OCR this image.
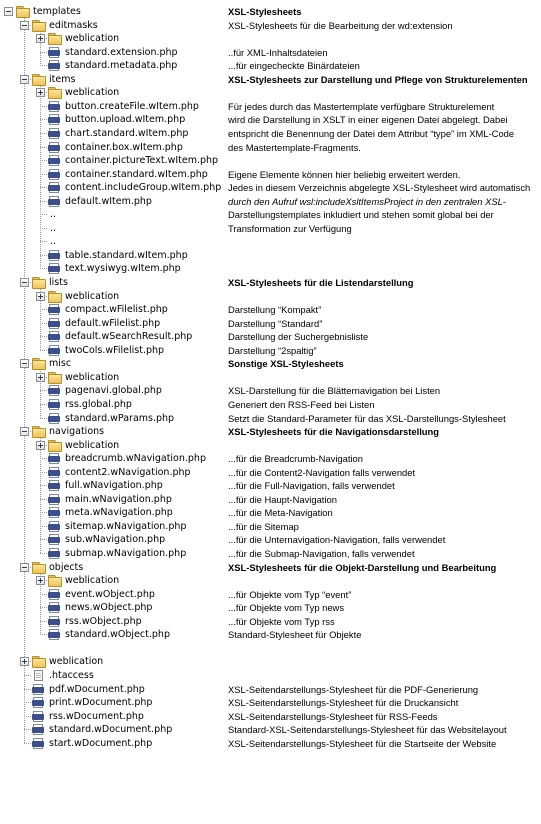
templates	XSL-Stylesheets
editmasks	XSL-Stylesheets für die Bearbeitung der wd:extension
weblication
standard.extension.php	..für XML-Inhaltsdateien
standard.metadata.php	...für eingecheckte Binärdateien
items	XSL-Stylesheets zur Darstellung und Pflege von Strukturelementen
weblication
button.createFile.wItem.php	Für jedes durch das Mastertemplate verfügbare Strukturelement
button.upload.wItem.php	wird die Darstellung in XSLT in einer eigenen Datei abgelegt. Dabei
chart.standard.wItem.php	entspricht die Benennung der Datei dem Attribut “type” im XML-Code
container.box.wItem.php	des Mastertemplate-Fragments.
container.pictureText.wItem.php
container.standard.wItem.php Eigene Elemente können hier beliebig erweitert werden.
content.includeGroup.wItem.php Jedes in diesem Verzeichnis abgelegte XSL-Stylesheet wird automatisch
default.wItem.php	durch den Aufruf wsl:includeXsltItemsProject in den zentralen XSL-
..	Darstellungstemplates inkludiert und stehen somit global bei der
..	Transformation zur Verfügung
..
table.standard.wItem.php
text.wysiwyg.wItem.php
lists	XSL-Stylesheets für die Listendarstellung
weblication
compact.wFilelist.php	Darstellung “Kompakt”
default.wFilelist.php	Darstellung “Standard”
default.wSearchResult.php	Darstellung der Suchergebnisliste
twoCols.wFilelist.php	Darstellung “2spaltig”
misc	Sonstige XSL-Stylesheets
weblication
pagenavi.global.php	XSL-Darstellung für die Blätternavigation bei Listen
rss.global.php	Generiert den RSS-Feed bei Listen
standard.wParams.php	Setzt die Standard-Parameter für das XSL-Darstellungs-Stylesheet
navigations	XSL-Stylesheets für die Navigationsdarstellung
weblication
breadcrumb.wNavigation.php ...für die Breadcrumb-Navigation
content2.wNavigation.php	...für die Content2-Navigation falls verwendet
full.wNavigation.php	...für die Full-Navigation, falls verwendet
main.wNavigation.php	...für die Haupt-Navigation
meta.wNavigation.php	...für die Meta-Navigation
sitemap.wNavigation.php	...für die Sitemap
sub.wNavigation.php	...für die Unternavigation-Navigation, falls verwendet
submap.wNavigation.php	...für die Submap-Navigation, falls verwendet
objects	XSL-Stylesheets für die Objekt-Darstellung und Bearbeitung
weblication
event.wObject.php	...für Objekte vom Typ “event”
news.wObject.php	...für Objekte vom Typ news
rss.wObject.php	...für Objekte vom Typ rss
standard.wObject.php	Standard-Stylesheet für Objekte
weblication
.htaccess
pdf.wDocument.php	XSL-Seitendarstellungs-Stylesheet für die PDF-Generierung
print.wDocument.php	XSL-Seitendarstellungs-Stylesheet für die Druckansicht
rss.wDocument.php	XSL-Seitendarstellungs-Stylesheet für RSS-Feeds
standard.wDocument.php	Standard-XSL-Seitendarstellungs-Stylesheet für das Websitelayout
start.wDocument.php	XSL-Seitendarstellungs-Stylesheet für die Startseite der Website
